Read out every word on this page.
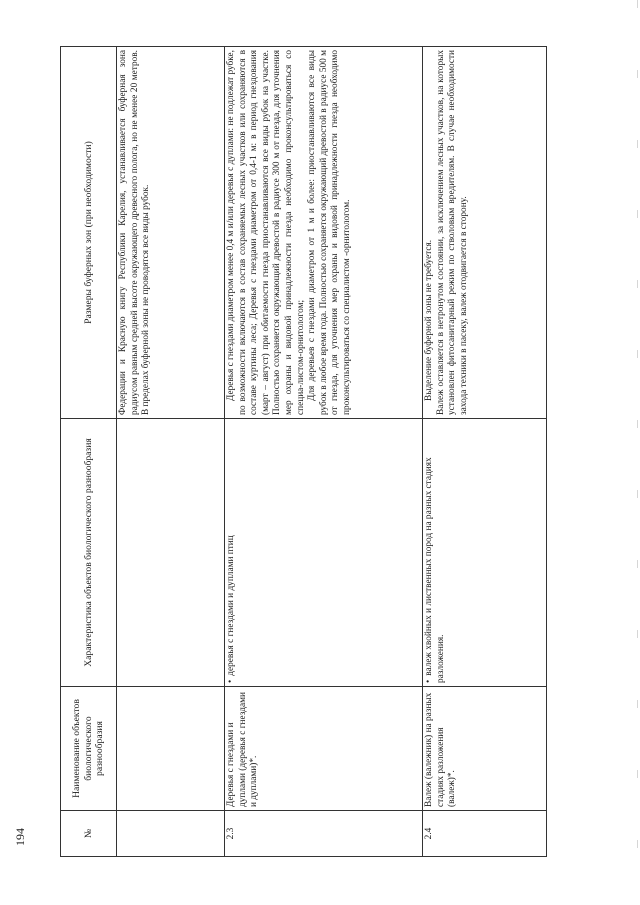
194	№	Наименование объектов биологического разнообразия	Характеристика объектов биологического разнообразия	Размеры буферных зон (при необходимости)
			Федерации и Красную книгу Республики Карелия, устанавливается буферная зона радиусом равным средней высоте окружающего древесного полога, но не менее 20 метров. В пределах буферной зоны не проводятся все виды рубок.
2.3	Деревья с гнездами и дуплами (деревья с гнездами и дуплами)*.	• деревья с гнездами и дуплами птиц	Деревья с гнездами диаметром менее 0,4 м и/или деревья с дуплами: не подлежат рубке, по возможности включаются в состав сохраняемых лесных участков или сохраняются в составе куртины леса; Деревья с гнездами диаметром от 0,4-1 м: в период гнездования (март – август) при обитаемости гнезда приостанавливаются все виды рубок на участке. Полностью сохраняется окружающий древостой в радиусе 300 м от гнезда, для уточнения мер охраны и видовой принадлежности гнезда необходимо проконсультироваться со специа-листом-орнитологом; Для деревьев с гнездами диаметром от 1 м и более: приостанавливаются все виды рубок в любое время года. Полностью сохраняется окружающий древостой в радиусе 500 м от гнезда, для уточнения мер охраны и видовой принадлежности гнезда необходимо проконсультироваться со специалистом -орнитологом.

2.4	Валеж (валежник) на разных стадиях разложения (валеж)*.	• валеж хвойных и лиственных пород на разных стадиях разложения.	Выделение буферной зоны не требуется. Валеж оставляется в нетронутом состоянии, за исключением лесных участков, на которых установлен фитосанитарный режим по стволовым вредителям. В случае необходимости захода техники в пасеку, валеж отодвигается в сторону.
